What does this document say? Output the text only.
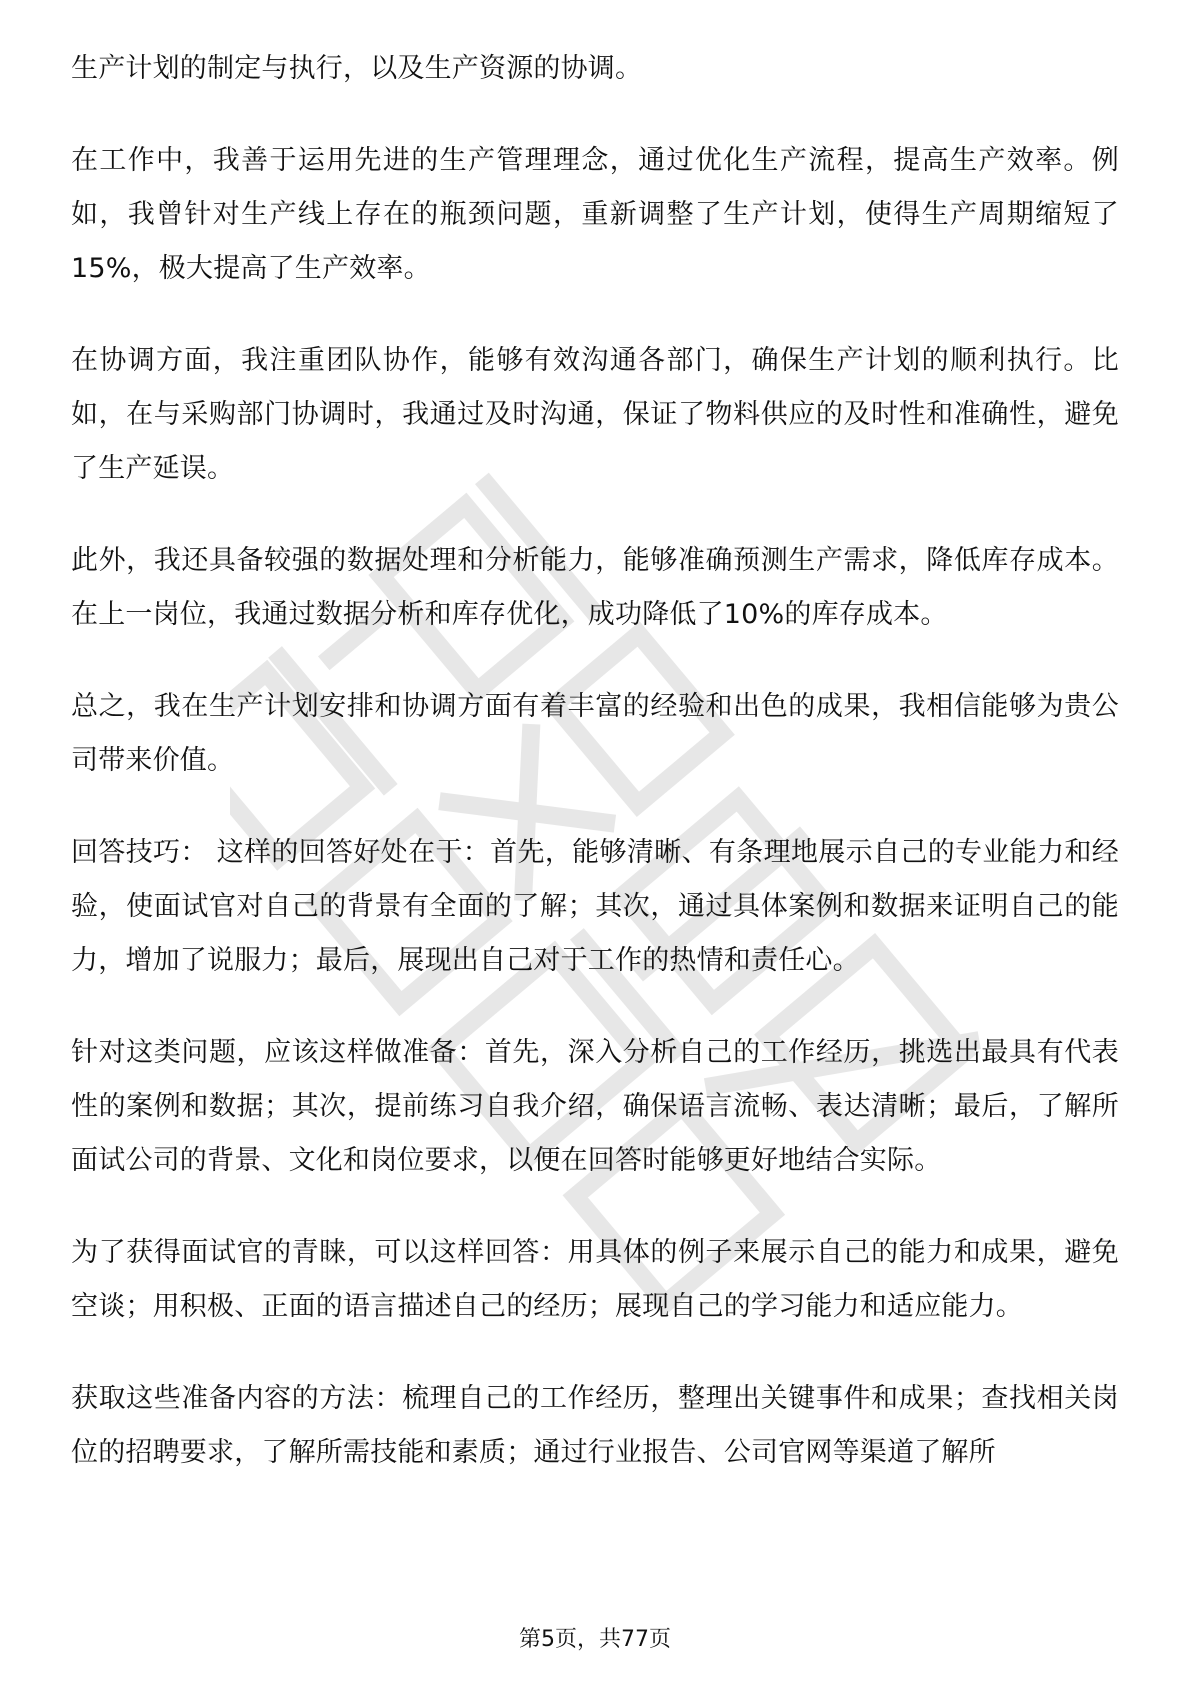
生产计划的制定与执行，以及生产资源的协调。

在工作中，我善于运用先进的生产管理理念，通过优化生产流程，提高生产效率。例如，我曾针对生产线上存在的瓶颈问题，重新调整了生产计划，使得生产周期缩短了15%，极大提高了生产效率。

在协调方面，我注重团队协作，能够有效沟通各部门，确保生产计划的顺利执行。比如，在与采购部门协调时，我通过及时沟通，保证了物料供应的及时性和准确性，避免了生产延误。

此外，我还具备较强的数据处理和分析能力，能够准确预测生产需求，降低库存成本。在上一岗位，我通过数据分析和库存优化，成功降低了10%的库存成本。

总之，我在生产计划安排和协调方面有着丰富的经验和出色的成果，我相信能够为贵公司带来价值。

回答技巧： 这样的回答好处在于：首先，能够清晰、有条理地展示自己的专业能力和经验，使面试官对自己的背景有全面的了解；其次，通过具体案例和数据来证明自己的能力，增加了说服力；最后，展现出自己对于工作的热情和责任心。

针对这类问题，应该这样做准备：首先，深入分析自己的工作经历，挑选出最具有代表性的案例和数据；其次，提前练习自我介绍，确保语言流畅、表达清晰；最后，了解所面试公司的背景、文化和岗位要求，以便在回答时能够更好地结合实际。

为了获得面试官的青睐，可以这样回答：用具体的例子来展示自己的能力和成果，避免空谈；用积极、正面的语言描述自己的经历；展现自己的学习能力和适应能力。

获取这些准备内容的方法：梳理自己的工作经历，整理出关键事件和成果；查找相关岗位的招聘要求，了解所需技能和素质；通过行业报告、公司官网等渠道了解所

第5页，共77页
